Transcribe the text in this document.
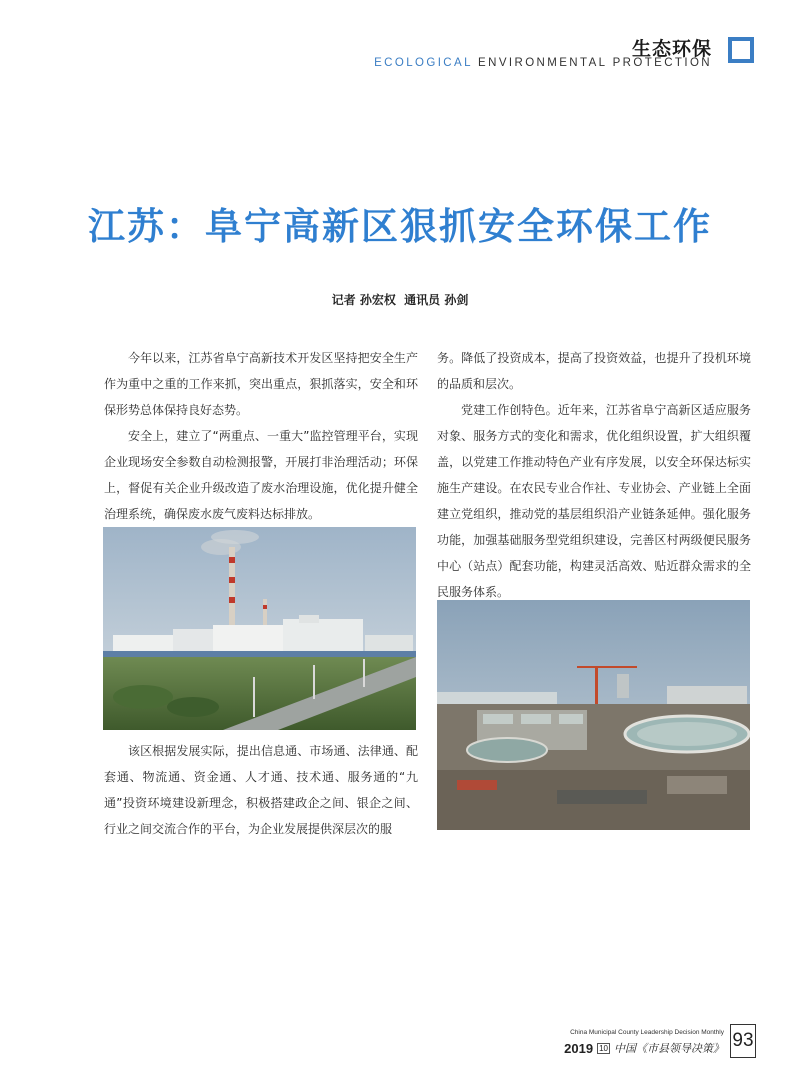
生态环保
ECOLOGICAL ENVIRONMENTAL PROTECTION
江苏：阜宁高新区狠抓安全环保工作
记者 孙宏权  通讯员 孙剑

今年以来，江苏省阜宁高新技术开发区坚持把安全生产作为重中之重的工作来抓，突出重点，狠抓落实，安全和环保形势总体保持良好态势。

安全上，建立了“两重点、一重大”监控管理平台，实现企业现场安全参数自动检测报警，开展打非治理活动；环保上，督促有关企业升级改造了废水治理设施，优化提升健全治理系统，确保废水废气废料达标排放。

该区根据发展实际，提出信息通、市场通、法律通、配套通、物流通、资金通、人才通、技术通、服务通的“九通”投资环境建设新理念，积极搭建政企之间、银企之间、行业之间交流合作的平台，为企业发展提供深层次的服

务。降低了投资成本，提高了投资效益，也提升了投机环境的品质和层次。

党建工作创特色。近年来，江苏省阜宁高新区适应服务对象、服务方式的变化和需求，优化组织设置，扩大组织覆盖，以党建工作推动特色产业有序发展，以安全环保达标实施生产建设。在农民专业合作社、专业协会、产业链上全面建立党组织，推动党的基层组织沿产业链条延伸。强化服务功能，加强基础服务型党组织建设，完善区村两级便民服务中心（站点）配套功能，构建灵活高效、贴近群众需求的全民服务体系。

China Municipal County Leadership Decision Monthly
2019 10 中国《市县领导决策》 93
